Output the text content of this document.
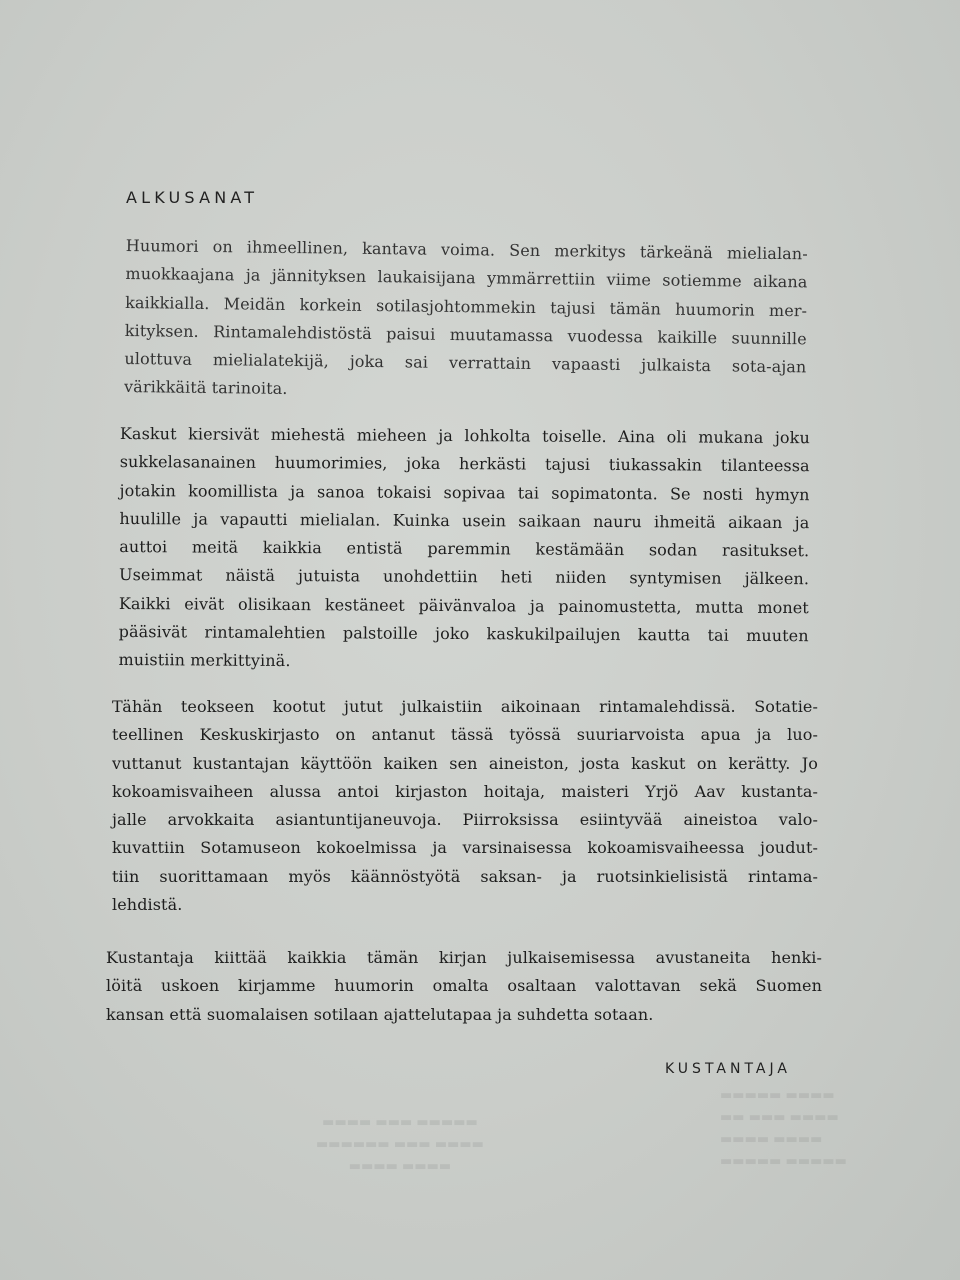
▬▬▬▬ ▬▬▬ ▬▬▬▬▬
▬▬▬▬▬▬ ▬▬▬ ▬▬▬▬
▬▬▬▬ ▬▬▬▬
▬▬▬▬▬ ▬▬▬▬
▬▬ ▬▬▬ ▬▬▬▬
▬▬▬▬ ▬▬▬▬
▬▬▬▬▬ ▬▬▬▬▬
ALKUSANAT

Huumori on ihmeellinen, kantava voima. Sen merkitys tärkeänä mielialan-
muokkaajana ja jännityksen laukaisijana ymmärrettiin viime sotiemme aikana
kaikkialla. Meidän korkein sotilasjohtommekin tajusi tämän huumorin mer-
kityksen. Rintamalehdistöstä paisui muutamassa vuodessa kaikille suunnille
ulottuva mielialatekijä, joka sai verrattain vapaasti julkaista sota-ajan
värikkäitä tarinoita.

Kaskut kiersivät miehestä mieheen ja lohkolta toiselle. Aina oli mukana joku
sukkelasanainen huumorimies, joka herkästi tajusi tiukassakin tilanteessa
jotakin koomillista ja sanoa tokaisi sopivaa tai sopimatonta. Se nosti hymyn
huulille ja vapautti mielialan. Kuinka usein saikaan nauru ihmeitä aikaan ja
auttoi meitä kaikkia entistä paremmin kestämään sodan rasitukset.
Useimmat näistä jutuista unohdettiin heti niiden syntymisen jälkeen.
Kaikki eivät olisikaan kestäneet päivänvaloa ja painomustetta, mutta monet
pääsivät rintamalehtien palstoille joko kaskukilpailujen kautta tai muuten
muistiin merkittyinä.

Tähän teokseen kootut jutut julkaistiin aikoinaan rintamalehdissä. Sotatie-
teellinen Keskuskirjasto on antanut tässä työssä suuriarvoista apua ja luo-
vuttanut kustantajan käyttöön kaiken sen aineiston, josta kaskut on kerätty. Jo
kokoamisvaiheen alussa antoi kirjaston hoitaja, maisteri Yrjö Aav kustanta-
jalle arvokkaita asiantuntijaneuvoja. Piirroksissa esiintyvää aineistoa valo-
kuvattiin Sotamuseon kokoelmissa ja varsinaisessa kokoamisvaiheessa joudut-
tiin suorittamaan myös käännöstyötä saksan- ja ruotsinkielisistä rintama-
lehdistä.

Kustantaja kiittää kaikkia tämän kirjan julkaisemisessa avustaneita henki-
löitä uskoen kirjamme huumorin omalta osaltaan valottavan sekä Suomen
kansan että suomalaisen sotilaan ajattelutapaa ja suhdetta sotaan.

KUSTANTAJA
